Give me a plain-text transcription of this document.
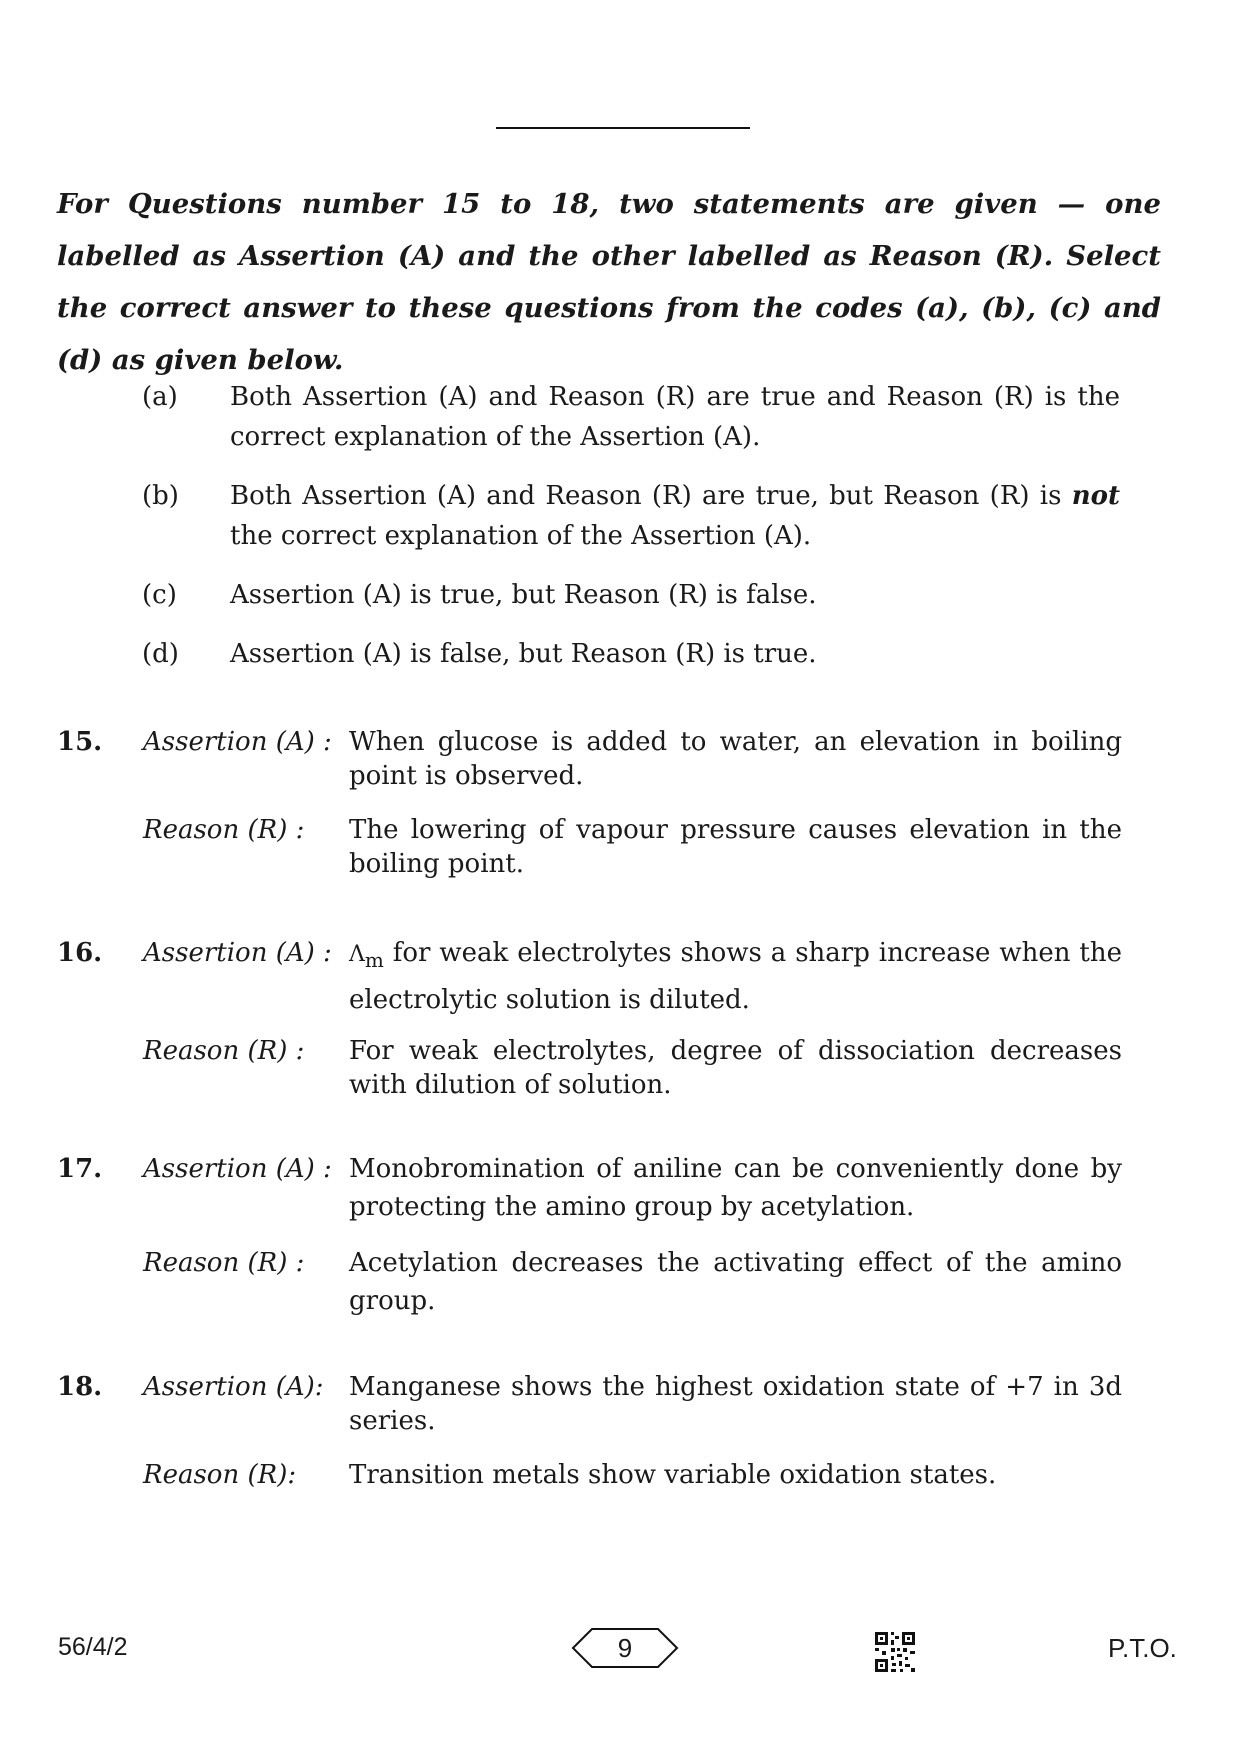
For Questions number 15 to 18, two statements are given — one labelled as Assertion (A) and the other labelled as Reason (R). Select the correct answer to these questions from the codes (a), (b), (c) and (d) as given below.
(a)	Both Assertion (A) and Reason (R) are true and Reason (R) is the correct explanation of the Assertion (A).
(b)	Both Assertion (A) and Reason (R) are true, but Reason (R) is not the correct explanation of the Assertion (A).
(c)	Assertion (A) is true, but Reason (R) is false.
(d)	Assertion (A) is false, but Reason (R) is true.
15.	Assertion (A) : When glucose is added to water, an elevation in boiling point is observed.
Reason (R) :	The lowering of vapour pressure causes elevation in the boiling point.
16.	Assertion (A) : $\Lambda_m$ for weak electrolytes shows a sharp increase when the electrolytic solution is diluted.
Reason (R) :	For weak electrolytes, degree of dissociation decreases with dilution of solution.
17.	Assertion (A) : Monobromination of aniline can be conveniently done by protecting the amino group by acetylation.
Reason (R) :	Acetylation decreases the activating effect of the amino group.
18.	Assertion (A): Manganese shows the highest oxidation state of +7 in 3d series.
Reason (R):	Transition metals show variable oxidation states.
56/4/2	9	P.T.O.
